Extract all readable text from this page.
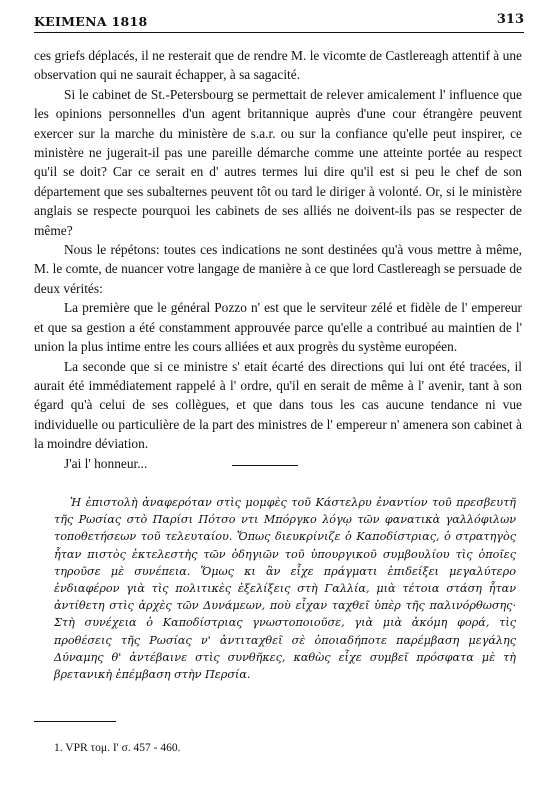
ΚΕΙΜΕΝΑ 1818	313

ces griefs déplacés, il ne resterait que de rendre M. le vicomte de Castlereagh attentif à une observation qui ne saurait échapper, à sa sagacité.

Si le cabinet de St.-Petersbourg se permettait de relever amicalement l' influence que les opinions personnelles d'un agent britannique auprès d'une cour étrangère peuvent exercer sur la marche du ministère de s.a.r. ou sur la confiance qu'elle peut inspirer, ce ministère ne jugerait-il pas une pareille démarche comme une atteinte portée au respect qu'il se doit? Car ce serait en d' autres termes lui dire qu'il est si peu le chef de son département que ses subalternes peuvent tôt ou tard le diriger à volonté. Or, si le ministère anglais se respecte pourquoi les cabinets de ses alliés ne doivent-ils pas se respecter de même?

Nous le répétons: toutes ces indications ne sont destinées qu'à vous mettre à même, M. le comte, de nuancer votre langage de manière à ce que lord Castlereagh se persuade de deux vérités:

La première que le général Pozzo n' est que le serviteur zélé et fidèle de l' empereur et que sa gestion a été constamment approuvée parce qu'elle a contribué au maintien de l' union la plus intime entre les cours alliées et aux progrès du système européen.

La seconde que si ce ministre s' etait écarté des directions qui lui ont été tracées, il aurait été immédiatement rappelé à l' ordre, qu'il en serait de même à l' avenir, tant à son égard qu'à celui de ses collègues, et que dans tous les cas aucune tendance ni vue individuelle ou particulière de la part des ministres de l' empereur n' amenera son cabinet à la moindre déviation.

J'ai l' honneur...

Ἡ ἐπιστολὴ ἀναφερόταν στὶς μομφὲς τοῦ Κάστελρυ ἐναντίον τοῦ πρεσβευτῆ τῆς Ρωσίας στὸ Παρίσι Πότσο ντι Μπόργκο λόγῳ τῶν φανατικὰ γαλλόφιλων τοποθετήσεων τοῦ τελευταίου. Ὅπως διευκρίνιζε ὁ Καποδίστριας, ὁ στρατηγὸς ἦταν πιστὸς ἐκτελεστὴς τῶν ὁδηγιῶν τοῦ ὑπουργικοῦ συμβουλίου τὶς ὁποῖες τηροῦσε μὲ συνέπεια. Ὅμως κι ἂν εἶχε πράγματι ἐπιδείξει μεγαλύτερο ἐνδιαφέρον γιὰ τὶς πολιτικὲς ἐξελίξεις στὴ Γαλλία, μιὰ τέτοια στάση ἦταν ἀντίθετη στὶς ἀρχὲς τῶν Δυνάμεων, ποὺ εἶχαν ταχθεῖ ὑπὲρ τῆς παλινόρθωσης· Στὴ συνέχεια ὁ Καποδίστριας γνωστοποιοῦσε, γιὰ μιὰ ἀκόμη φορά, τὶς προθέσεις τῆς Ρωσίας ν' ἀντιταχθεῖ σὲ ὁποιαδήποτε παρέμβαση μεγάλης Δύναμης θ' ἀντέβαινε στὶς συνθῆκες, καθὼς εἶχε συμβεῖ πρόσφατα μὲ τὴ βρετανικὴ ἐπέμβαση στὴν Περσία.

1. VPR τομ. Ι' σ. 457 - 460.
